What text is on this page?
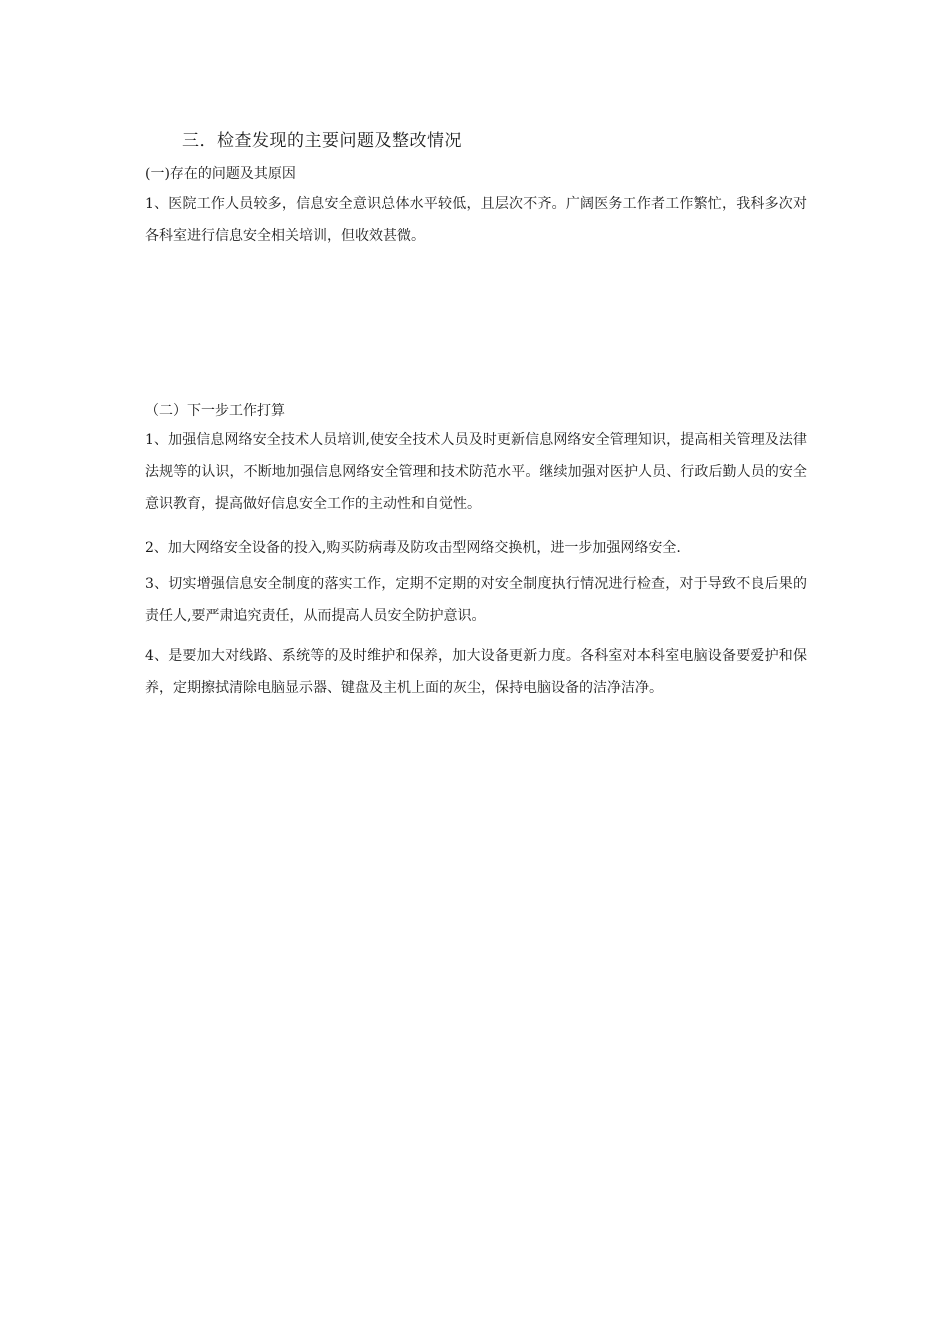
三．检查发现的主要问题及整改情况
(一)存在的问题及其原因
1、医院工作人员较多，信息安全意识总体水平较低，且层次不齐。广阔医务工作者工作繁忙，我科多次对各科室进行信息安全相关培训，但收效甚微。
（二）下一步工作打算
1、加强信息网络安全技术人员培训,使安全技术人员及时更新信息网络安全管理知识，提高相关管理及法律法规等的认识，不断地加强信息网络安全管理和技术防范水平。继续加强对医护人员、行政后勤人员的安全意识教育，提高做好信息安全工作的主动性和自觉性。
2、加大网络安全设备的投入,购买防病毒及防攻击型网络交换机，进一步加强网络安全.
3、切实增强信息安全制度的落实工作，定期不定期的对安全制度执行情况进行检查，对于导致不良后果的责任人,要严肃追究责任，从而提高人员安全防护意识。
4、是要加大对线路、系统等的及时维护和保养，加大设备更新力度。各科室对本科室电脑设备要爱护和保养，定期擦拭清除电脑显示器、键盘及主机上面的灰尘，保持电脑设备的洁净洁净。
